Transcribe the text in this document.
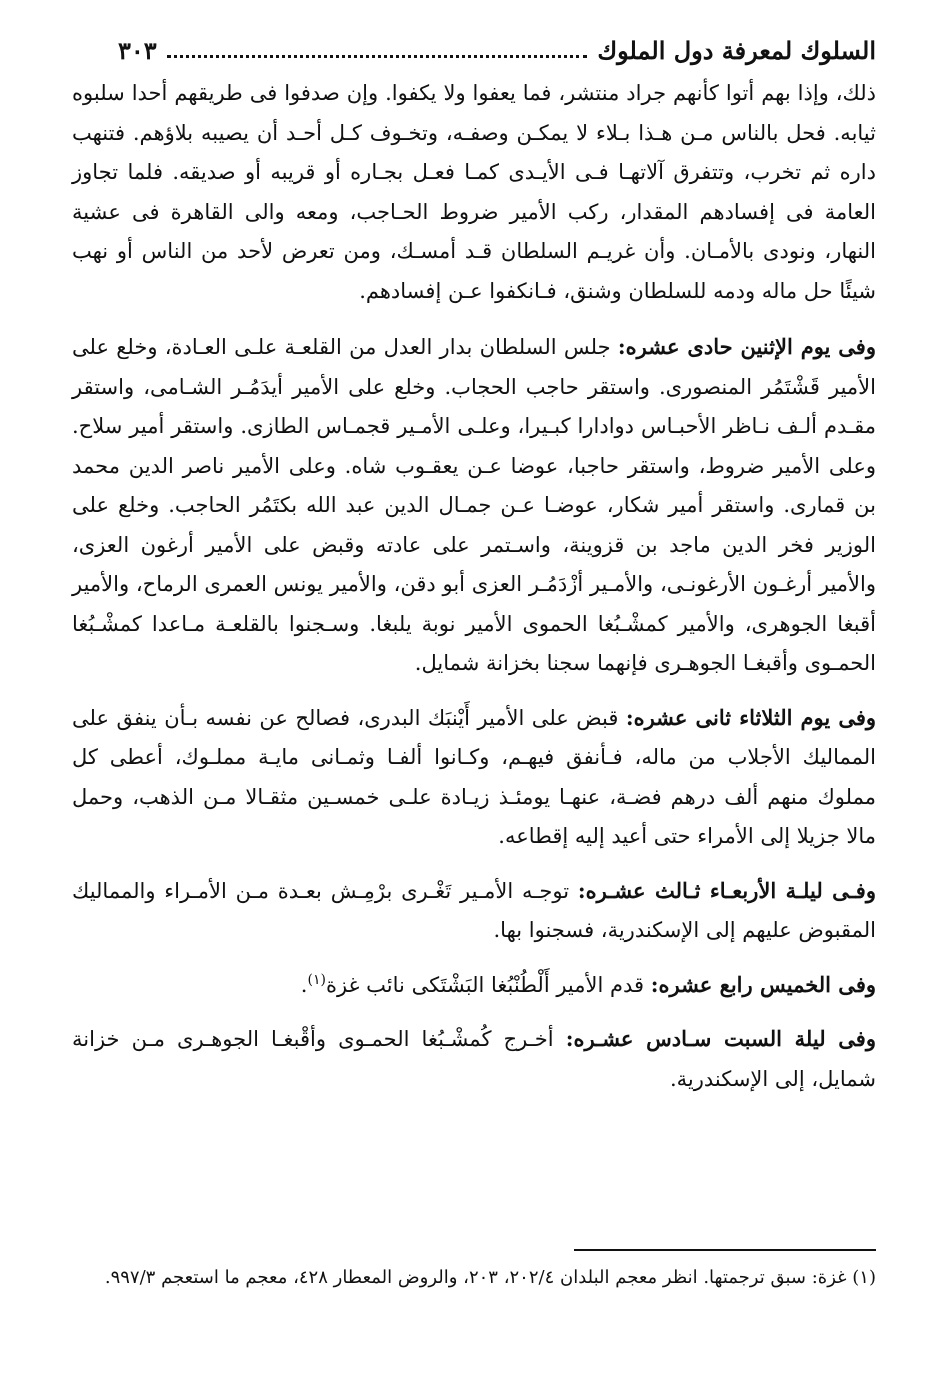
السلوك لمعرفة دول الملوك
٣٠٣

ذلك، وإذا بهم أتوا كأنهم جراد منتشر، فما يعفوا ولا يكفوا. وإن صدفوا فى طريقهم أحدا سلبوه ثيابه. فحل بالناس مـن هـذا بـلاء لا يمكـن وصفـه، وتخـوف كـل أحـد أن يصيبه بلاؤهم. فتنهب داره ثم تخرب، وتتفرق آلاتهـا فـى الأيـدى كمـا فعـل بجـاره أو قريبه أو صديقه. فلما تجاوز العامة فى إفسادهم المقدار، ركب الأمير ضروط الحـاجب، ومعه والى القاهرة فى عشية النهار، ونودى بالأمـان. وأن غريـم السلطان قـد أمسـك، ومن تعرض لأحد من الناس أو نهب شيئًا حل ماله ودمه للسلطان وشنق، فـانكفوا عـن إفسادهم.

وفى يوم الإثنين حادى عشره: جلس السلطان بدار العدل من القلعـة علـى العـادة، وخلع على الأمير قَشْتَمُر المنصورى. واستقر حاجب الحجاب. وخلع على الأمير أيدَمُـر الشـامى، واستقر مقـدم ألـف نـاظر الأحبـاس دوادارا كبـيرا، وعلـى الأمـير قجمـاس الطازى. واستقر أمير سلاح. وعلى الأمير ضروط، واستقر حاجبا، عوضا عـن يعقـوب شاه. وعلى الأمير ناصر الدين محمد بن قمارى. واستقر أمير شكار، عوضـا عـن جمـال الدين عبد الله بكتَمُر الحاجب. وخلع على الوزير فخر الدين ماجد بن قزوينة، واسـتمر على عادته وقبض على الأمير أرغون العزى، والأمير أرغـون الأرغونـى، والأمـير أزْدَمُـر العزى أبو دقن، والأمير يونس العمرى الرماح، والأمير أقبغا الجوهرى، والأمير كمشْـبُغا الحموى الأمير نوبة يلبغا. وسـجنوا بالقلعـة مـاعدا كمشْـبُغا الحمـوى وأقبغـا الجوهـرى فإنهما سجنا بخزانة شمايل.

وفى يوم الثلاثاء ثانى عشره: قبض على الأمير أَيْنبَك البدرى، فصالح عن نفسه بـأن ينفق على المماليك الأجلاب من ماله، فـأنفق فيهـم، وكـانوا ألفـا وثمـانى مايـة مملـوك، أعطى كل مملوك منهم ألف درهم فضـة، عنهـا يومئـذ زيـادة علـى خمسـين مثقـالا مـن الذهب، وحمل مالا جزيلا إلى الأمراء حتى أعيد إليه إقطاعه.

وفـى ليلـة الأربعـاء ثـالث عشـره: توجـه الأمـير تَغْـرى برْمِـش بعـدة مـن الأمـراء والمماليك المقبوض عليهم إلى الإسكندرية، فسجنوا بها.

وفى الخميس رابع عشره: قدم الأمير أَلْطُنْبُغا البَشْتَكى نائب غزة$^{(١)}$.

وفى ليلة السبت سـادس عشـره: أخـرج كُمشْـبُغا الحمـوى وأقْبغـا الجوهـرى مـن خزانة شمايل، إلى الإسكندرية.

(١) غزة: سبق ترجمتها. انظر معجم البلدان ٢٠٢/٤، ٢٠٣، والروض المعطار ٤٢٨، معجم ما استعجم ٩٩٧/٣.
